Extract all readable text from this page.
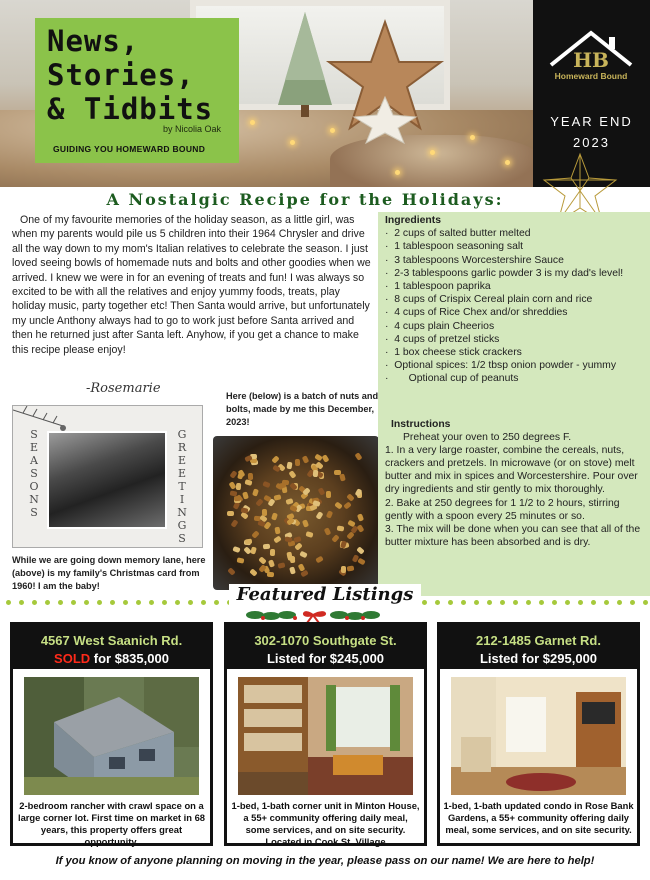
News,
Stories,
& Tidbits
by Nicolia Oak
GUIDING YOU HOMEWARD BOUND
HB
Homeward Bound
YEAR END
2023
A Nostalgic Recipe for the Holidays:

One of my favourite memories of the holiday season, as a little girl, was when my parents would pile us 5 children into their 1964 Chrysler and drive all the way down to my mom's Italian relatives to celebrate the season. I just loved seeing bowls of homemade nuts and bolts and other goodies when we arrived. I knew we were in for an evening of treats and fun! I was always so excited to be with all the relatives and enjoy yummy foods, treats, play holiday music, party together etc! Then Santa would arrive, but unfortunately my uncle Anthony always had to go to work just before Santa arrived and then he returned just after Santa left. Anyhow, if you get a chance to make this recipe please enjoy!

-Rosemarie
S
E
A
S
O
N
S
G
R
E
E
T
I
N
G
S
While we are going down memory lane, here (above) is my family's Christmas card from 1960! I am the baby!
Here (below) is a batch of nuts and bolts, made by me this December, 2023!
Ingredients
·  2 cups of salted butter melted
·  1 tablespoon seasoning salt
·  3 tablespoons Worcestershire Sauce
·  2-3 tablespoons garlic powder 3 is my dad's level!
·  1 tablespoon paprika
·  8 cups of Crispix Cereal plain corn and rice
·  4 cups of Rice Chex and/or shreddies
·  4 cups plain Cheerios
·  4 cups of pretzel sticks
·  1 box cheese stick crackers
·  Optional spices: 1/2 tbsp onion powder - yummy
·       Optional cup of peanuts
Instructions
Preheat your oven to 250 degrees F.
1. In a very large roaster, combine the cereals, nuts, crackers and pretzels. In microwave (or on stove) melt butter and mix in spices and Worcestershire. Pour over dry ingredients and stir gently to mix thoroughly.
2. Bake at 250 degrees for 1 1/2 to 2 hours, stirring gently with a spoon every 25 minutes or so.
3. The mix will be done when you can see that all of the butter mixture has been absorbed and is dry.
Featured Listings
4567 West Saanich Rd.
SOLD for $835,000
2-bedroom rancher with crawl space on a large corner lot. First time on market in 68 years, this property offers great opportunity.
302-1070 Southgate St.
Listed for $245,000
1-bed, 1-bath corner unit in Minton House, a 55+ community offering daily meal, some services, and on site security. Located in Cook St. Village
212-1485 Garnet Rd.
Listed for $295,000
1-bed, 1-bath updated condo in Rose Bank Gardens, a 55+ community offering daily meal, some services, and on site security.
If you know of anyone planning on moving in the year, please pass on our name! We are here to help!
